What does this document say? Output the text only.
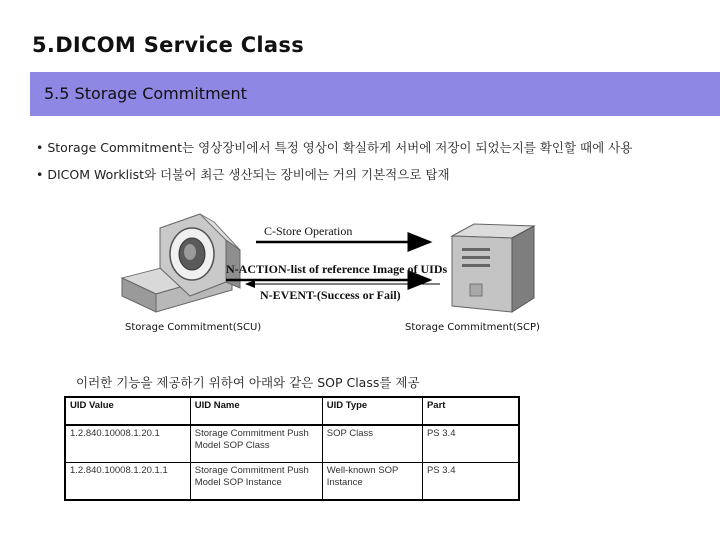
5.DICOM Service Class
5.5 Storage Commitment
• Storage Commitment는 영상장비에서 특정 영상이 확실하게 서버에 저장이 되었는지를 확인할 때에 사용
• DICOM Worklist와 더불어 최근 생산되는 장비에는 거의 기본적으로 탑재
C-Store Operation
N-ACTION-list of reference Image of UIDs
N-EVENT-(Success or Fail)
Storage Commitment(SCU)	Storage Commitment(SCP)
이러한 기능을 제공하기 위하여 아래와 같은 SOP Class를 제공
UID Value	UID Name	UID Type	Part
1.2.840.10008.1.20.1	Storage Commitment Push Model SOP Class	SOP Class	PS 3.4
1.2.840.10008.1.20.1.1	Storage Commitment Push Model SOP Instance	Well-known SOP Instance	PS 3.4
